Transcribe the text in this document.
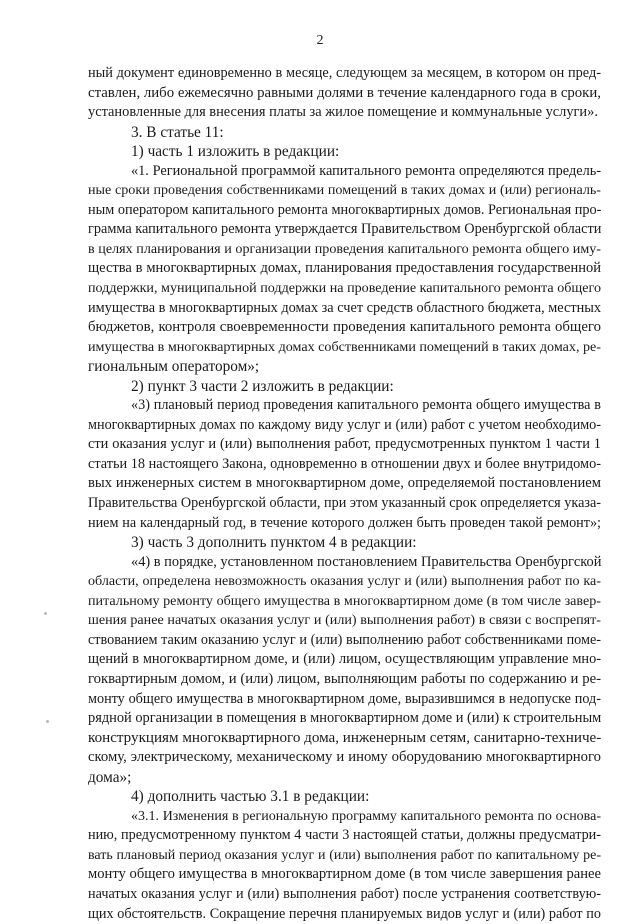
2
ный документ единовременно в месяце, следующем за месяцем, в котором он пред-
ставлен, либо ежемесячно равными долями в течение календарного года в сроки,
установленные для внесения платы за жилое помещение и коммунальные услуги».
3. В статье 11:
1) часть 1 изложить в редакции:
«1. Региональной программой капитального ремонта определяются предель-
ные сроки проведения собственниками помещений в таких домах и (или) региональ-
ным оператором капитального ремонта многоквартирных домов. Региональная про-
грамма капитального ремонта утверждается Правительством Оренбургской области
в целях планирования и организации проведения капитального ремонта общего иму-
щества в многоквартирных домах, планирования предоставления государственной
поддержки, муниципальной поддержки на проведение капитального ремонта общего
имущества в многоквартирных домах за счет средств областного бюджета, местных
бюджетов, контроля своевременности проведения капитального ремонта общего
имущества в многоквартирных домах собственниками помещений в таких домах, ре-
гиональным оператором»;
2) пункт 3 части 2 изложить в редакции:
«3) плановый период проведения капитального ремонта общего имущества в
многоквартирных домах по каждому виду услуг и (или) работ с учетом необходимо-
сти оказания услуг и (или) выполнения работ, предусмотренных пунктом 1 части 1
статьи 18 настоящего Закона, одновременно в отношении двух и более внутридомо-
вых инженерных систем в многоквартирном доме, определяемой постановлением
Правительства Оренбургской области, при этом указанный срок определяется указа-
нием на календарный год, в течение которого должен быть проведен такой ремонт»;
3) часть 3 дополнить пунктом 4 в редакции:
«4) в порядке, установленном постановлением Правительства Оренбургской
области, определена невозможность оказания услуг и (или) выполнения работ по ка-
питальному ремонту общего имущества в многоквартирном доме (в том числе завер-
шения ранее начатых оказания услуг и (или) выполнения работ) в связи с воспрепят-
ствованием таким оказанию услуг и (или) выполнению работ собственниками поме-
щений в многоквартирном доме, и (или) лицом, осуществляющим управление мно-
гоквартирным домом, и (или) лицом, выполняющим работы по содержанию и ре-
монту общего имущества в многоквартирном доме, выразившимся в недопуске под-
рядной организации в помещения в многоквартирном доме и (или) к строительным
конструкциям многоквартирного дома, инженерным сетям, санитарно-техниче-
скому, электрическому, механическому и иному оборудованию многоквартирного
дома»;
4) дополнить частью 3.1 в редакции:
«3.1. Изменения в региональную программу капитального ремонта по основа-
нию, предусмотренному пунктом 4 части 3 настоящей статьи, должны предусматри-
вать плановый период оказания услуг и (или) выполнения работ по капитальному ре-
монту общего имущества в многоквартирном доме (в том числе завершения ранее
начатых оказания услуг и (или) выполнения работ) после устранения соответствую-
щих обстоятельств. Сокращение перечня планируемых видов услуг и (или) работ по
